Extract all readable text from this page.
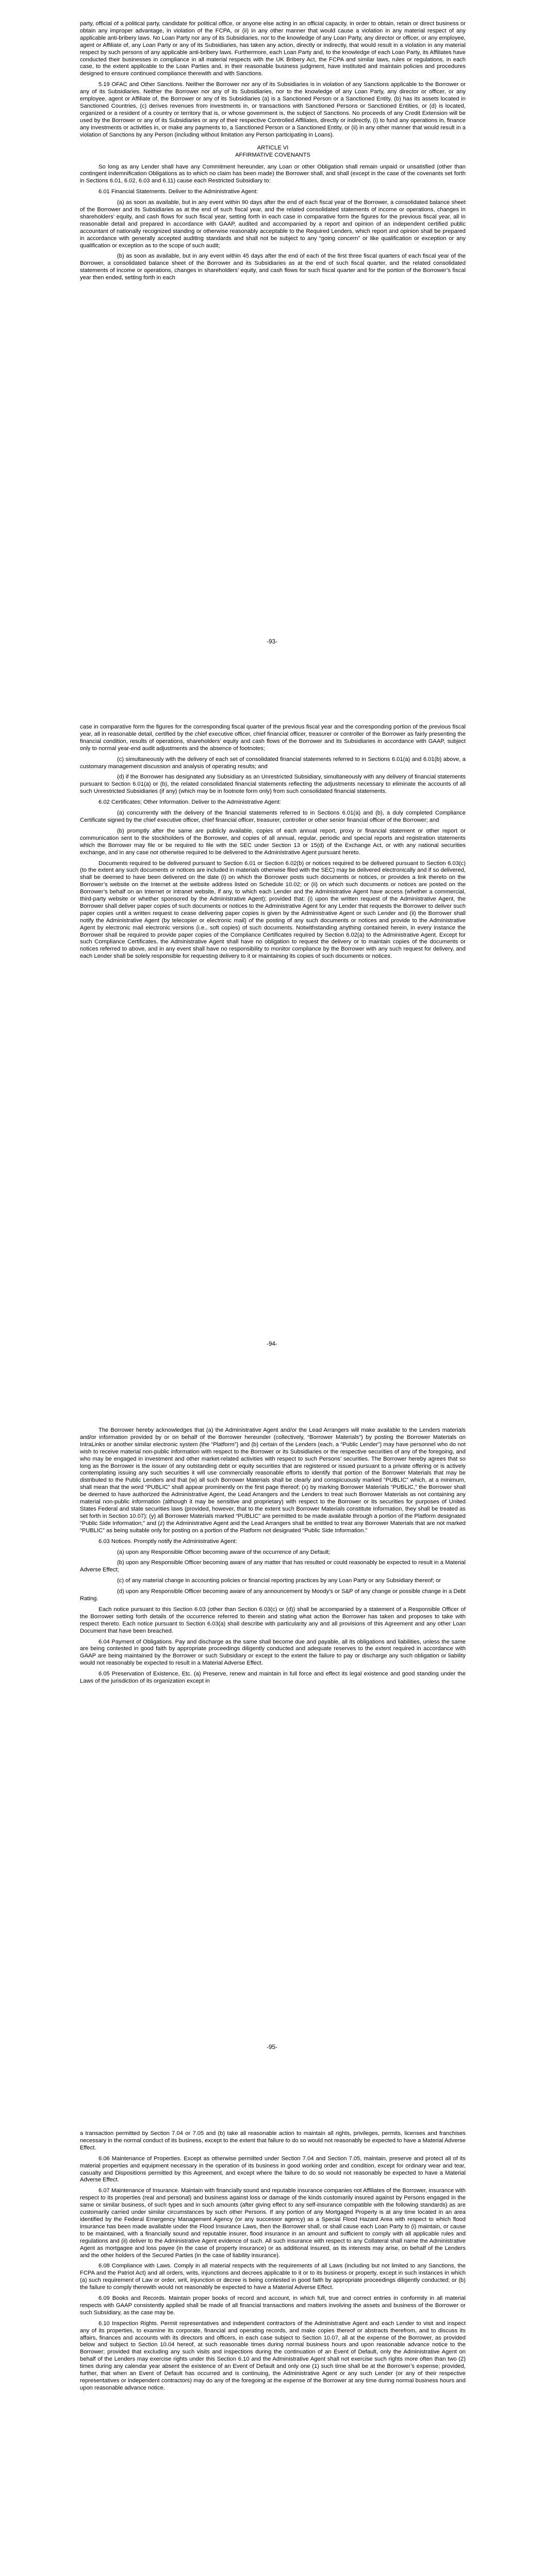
party, official of a political party, candidate for political office, or anyone else acting in an official capacity, in order to obtain, retain or direct business or obtain any improper advantage, in violation of the FCPA, or (ii) in any other manner that would cause a violation in any material respect of any applicable anti-bribery laws. No Loan Party nor any of its Subsidiaries, nor to the knowledge of any Loan Party, any director or officer, or any employee, agent or Affiliate of, any Loan Party or any of its Subsidiaries, has taken any action, directly or indirectly, that would result in a violation in any material respect by such persons of any applicable anti-bribery laws. Furthermore, each Loan Party and, to the knowledge of each Loan Party, its Affiliates have conducted their businesses in compliance in all material respects with the UK Bribery Act, the FCPA and similar laws, rules or regulations, in each case, to the extent applicable to the Loan Parties and, in their reasonable business judgment, have instituted and maintain policies and procedures designed to ensure continued compliance therewith and with Sanctions.

5.19 OFAC and Other Sanctions. Neither the Borrower nor any of its Subsidiaries is in violation of any Sanctions applicable to the Borrower or any of its Subsidiaries. Neither the Borrower nor any of its Subsidiaries, nor to the knowledge of any Loan Party, any director or officer, or any employee, agent or Affiliate of, the Borrower or any of its Subsidiaries (a) is a Sanctioned Person or a Sanctioned Entity, (b) has its assets located in Sanctioned Countries, (c) derives revenues from investments in, or transactions with Sanctioned Persons or Sanctioned Entities, or (d) is located, organized or a resident of a country or territory that is, or whose government is, the subject of Sanctions. No proceeds of any Credit Extension will be used by the Borrower or any of its Subsidiaries or any of their respective Controlled Affiliates, directly or indirectly, (i) to fund any operations in, finance any investments or activities in, or make any payments to, a Sanctioned Person or a Sanctioned Entity, or (ii) in any other manner that would result in a violation of Sanctions by any Person (including without limitation any Person participating in Loans).

ARTICLE VI

AFFIRMATIVE COVENANTS

So long as any Lender shall have any Commitment hereunder, any Loan or other Obligation shall remain unpaid or unsatisfied (other than contingent indemnification Obligations as to which no claim has been made) the Borrower shall, and shall (except in the case of the covenants set forth in Sections 6.01, 6.02, 6.03 and 6.11) cause each Restricted Subsidiary to:

6.01 Financial Statements. Deliver to the Administrative Agent:

(a) as soon as available, but in any event within 90 days after the end of each fiscal year of the Borrower, a consolidated balance sheet of the Borrower and its Subsidiaries as at the end of such fiscal year, and the related consolidated statements of income or operations, changes in shareholders’ equity, and cash flows for such fiscal year, setting forth in each case in comparative form the figures for the previous fiscal year, all in reasonable detail and prepared in accordance with GAAP, audited and accompanied by a report and opinion of an independent certified public accountant of nationally recognized standing or otherwise reasonably acceptable to the Required Lenders, which report and opinion shall be prepared in accordance with generally accepted auditing standards and shall not be subject to any “going concern” or like qualification or exception or any qualification or exception as to the scope of such audit;

(b) as soon as available, but in any event within 45 days after the end of each of the first three fiscal quarters of each fiscal year of the Borrower, a consolidated balance sheet of the Borrower and its Subsidiaries as at the end of such fiscal quarter, and the related consolidated statements of income or operations, changes in shareholders’ equity, and cash flows for such fiscal quarter and for the portion of the Borrower’s fiscal year then ended, setting forth in each

-93-

case in comparative form the figures for the corresponding fiscal quarter of the previous fiscal year and the corresponding portion of the previous fiscal year, all in reasonable detail, certified by the chief executive officer, chief financial officer, treasurer or controller of the Borrower as fairly presenting the financial condition, results of operations, shareholders’ equity and cash flows of the Borrower and its Subsidiaries in accordance with GAAP, subject only to normal year-end audit adjustments and the absence of footnotes;

(c) simultaneously with the delivery of each set of consolidated financial statements referred to in Sections 6.01(a) and 6.01(b) above, a customary management discussion and analysis of operating results; and

(d) if the Borrower has designated any Subsidiary as an Unrestricted Subsidiary, simultaneously with any delivery of financial statements pursuant to Section 6.01(a) or (b), the related consolidated financial statements reflecting the adjustments necessary to eliminate the accounts of all such Unrestricted Subsidiaries (if any) (which may be in footnote form only) from such consolidated financial statements.

6.02 Certificates; Other Information. Deliver to the Administrative Agent:

(a) concurrently with the delivery of the financial statements referred to in Sections 6.01(a) and (b), a duly completed Compliance Certificate signed by the chief executive officer, chief financial officer, treasurer, controller or other senior financial officer of the Borrower; and

(b) promptly after the same are publicly available, copies of each annual report, proxy or financial statement or other report or communication sent to the stockholders of the Borrower, and copies of all annual, regular, periodic and special reports and registration statements which the Borrower may file or be required to file with the SEC under Section 13 or 15(d) of the Exchange Act, or with any national securities exchange, and in any case not otherwise required to be delivered to the Administrative Agent pursuant hereto.

Documents required to be delivered pursuant to Section 6.01 or Section 6.02(b) or notices required to be delivered pursuant to Section 6.03(c) (to the extent any such documents or notices are included in materials otherwise filed with the SEC) may be delivered electronically and if so delivered, shall be deemed to have been delivered on the date (i) on which the Borrower posts such documents or notices, or provides a link thereto on the Borrower’s website on the Internet at the website address listed on Schedule 10.02; or (ii) on which such documents or notices are posted on the Borrower’s behalf on an Internet or intranet website, if any, to which each Lender and the Administrative Agent have access (whether a commercial, third-party website or whether sponsored by the Administrative Agent); provided that: (i) upon the written request of the Administrative Agent, the Borrower shall deliver paper copies of such documents or notices to the Administrative Agent for any Lender that requests the Borrower to deliver such paper copies until a written request to cease delivering paper copies is given by the Administrative Agent or such Lender and (ii) the Borrower shall notify the Administrative Agent (by telecopier or electronic mail) of the posting of any such documents or notices and provide to the Administrative Agent by electronic mail electronic versions (i.e., soft copies) of such documents. Notwithstanding anything contained herein, in every instance the Borrower shall be required to provide paper copies of the Compliance Certificates required by Section 6.02(a) to the Administrative Agent. Except for such Compliance Certificates, the Administrative Agent shall have no obligation to request the delivery or to maintain copies of the documents or notices referred to above, and in any event shall have no responsibility to monitor compliance by the Borrower with any such request for delivery, and each Lender shall be solely responsible for requesting delivery to it or maintaining its copies of such documents or notices.

-94-

The Borrower hereby acknowledges that (a) the Administrative Agent and/or the Lead Arrangers will make available to the Lenders materials and/or information provided by or on behalf of the Borrower hereunder (collectively, “Borrower Materials”) by posting the Borrower Materials on IntraLinks or another similar electronic system (the “Platform”) and (b) certain of the Lenders (each, a “Public Lender”) may have personnel who do not wish to receive material non-public information with respect to the Borrower or its Subsidiaries or the respective securities of any of the foregoing, and who may be engaged in investment and other market-related activities with respect to such Persons’ securities. The Borrower hereby agrees that so long as the Borrower is the issuer of any outstanding debt or equity securities that are registered or issued pursuant to a private offering or is actively contemplating issuing any such securities it will use commercially reasonable efforts to identify that portion of the Borrower Materials that may be distributed to the Public Lenders and that (w) all such Borrower Materials shall be clearly and conspicuously marked “PUBLIC” which, at a minimum, shall mean that the word “PUBLIC” shall appear prominently on the first page thereof; (x) by marking Borrower Materials “PUBLIC,” the Borrower shall be deemed to have authorized the Administrative Agent, the Lead Arrangers and the Lenders to treat such Borrower Materials as not containing any material non-public information (although it may be sensitive and proprietary) with respect to the Borrower or its securities for purposes of United States Federal and state securities laws (provided, however, that to the extent such Borrower Materials constitute Information, they shall be treated as set forth in Section 10.07); (y) all Borrower Materials marked “PUBLIC” are permitted to be made available through a portion of the Platform designated “Public Side Information;” and (z) the Administrative Agent and the Lead Arrangers shall be entitled to treat any Borrower Materials that are not marked “PUBLIC” as being suitable only for posting on a portion of the Platform not designated “Public Side Information.”

6.03 Notices. Promptly notify the Administrative Agent:

(a) upon any Responsible Officer becoming aware of the occurrence of any Default;

(b) upon any Responsible Officer becoming aware of any matter that has resulted or could reasonably be expected to result in a Material Adverse Effect;

(c) of any material change in accounting policies or financial reporting practices by any Loan Party or any Subsidiary thereof; or

(d) upon any Responsible Officer becoming aware of any announcement by Moody’s or S&P of any change or possible change in a Debt Rating.

Each notice pursuant to this Section 6.03 (other than Section 6.03(c) or (d)) shall be accompanied by a statement of a Responsible Officer of the Borrower setting forth details of the occurrence referred to therein and stating what action the Borrower has taken and proposes to take with respect thereto. Each notice pursuant to Section 6.03(a) shall describe with particularity any and all provisions of this Agreement and any other Loan Document that have been breached.

6.04 Payment of Obligations. Pay and discharge as the same shall become due and payable, all its obligations and liabilities, unless the same are being contested in good faith by appropriate proceedings diligently conducted and adequate reserves to the extent required in accordance with GAAP are being maintained by the Borrower or such Subsidiary or except to the extent the failure to pay or discharge any such obligation or liability would not reasonably be expected to result in a Material Adverse Effect.

6.05 Preservation of Existence, Etc. (a) Preserve, renew and maintain in full force and effect its legal existence and good standing under the Laws of the jurisdiction of its organization except in

-95-

a transaction permitted by Section 7.04 or 7.05 and (b) take all reasonable action to maintain all rights, privileges, permits, licenses and franchises necessary in the normal conduct of its business, except to the extent that failure to do so would not reasonably be expected to have a Material Adverse Effect.

6.06 Maintenance of Properties. Except as otherwise permitted under Section 7.04 and Section 7.05, maintain, preserve and protect all of its material properties and equipment necessary in the operation of its business in good working order and condition, except for ordinary wear and tear, casualty and Dispositions permitted by this Agreement, and except where the failure to do so would not reasonably be expected to have a Material Adverse Effect.

6.07 Maintenance of Insurance. Maintain with financially sound and reputable insurance companies not Affiliates of the Borrower, insurance with respect to its properties (real and personal) and business against loss or damage of the kinds customarily insured against by Persons engaged in the same or similar business, of such types and in such amounts (after giving effect to any self-insurance compatible with the following standards) as are customarily carried under similar circumstances by such other Persons. If any portion of any Mortgaged Property is at any time located in an area identified by the Federal Emergency Management Agency (or any successor agency) as a Special Flood Hazard Area with respect to which flood insurance has been made available under the Flood Insurance Laws, then the Borrower shall, or shall cause each Loan Party to (i) maintain, or cause to be maintained, with a financially sound and reputable insurer, flood insurance in an amount and sufficient to comply with all applicable rules and regulations and (ii) deliver to the Administrative Agent evidence of such. All such insurance with respect to any Collateral shall name the Administrative Agent as mortgagee and loss payee (in the case of property insurance) or as additional insured, as its interests may arise, on behalf of the Lenders and the other holders of the Secured Parties (in the case of liability insurance).

6.08 Compliance with Laws. Comply in all material respects with the requirements of all Laws (including but not limited to any Sanctions, the FCPA and the Patriot Act) and all orders, writs, injunctions and decrees applicable to it or to its business or property, except in such instances in which (a) such requirement of Law or order, writ, injunction or decree is being contested in good faith by appropriate proceedings diligently conducted; or (b) the failure to comply therewith would not reasonably be expected to have a Material Adverse Effect.

6.09 Books and Records. Maintain proper books of record and account, in which full, true and correct entries in conformity in all material respects with GAAP consistently applied shall be made of all financial transactions and matters involving the assets and business of the Borrower or such Subsidiary, as the case may be.

6.10 Inspection Rights. Permit representatives and independent contractors of the Administrative Agent and each Lender to visit and inspect any of its properties, to examine its corporate, financial and operating records, and make copies thereof or abstracts therefrom, and to discuss its affairs, finances and accounts with its directors and officers, in each case subject to Section 10.07, all at the expense of the Borrower, as provided below and subject to Section 10.04 hereof, at such reasonable times during normal business hours and upon reasonable advance notice to the Borrower; provided that excluding any such visits and inspections during the continuation of an Event of Default, only the Administrative Agent on behalf of the Lenders may exercise rights under this Section 6.10 and the Administrative Agent shall not exercise such rights more often than two (2) times during any calendar year absent the existence of an Event of Default and only one (1) such time shall be at the Borrower’s expense; provided, further, that when an Event of Default has occurred and is continuing, the Administrative Agent or any such Lender (or any of their respective representatives or independent contractors) may do any of the foregoing at the expense of the Borrower at any time during normal business hours and upon reasonable advance notice.
